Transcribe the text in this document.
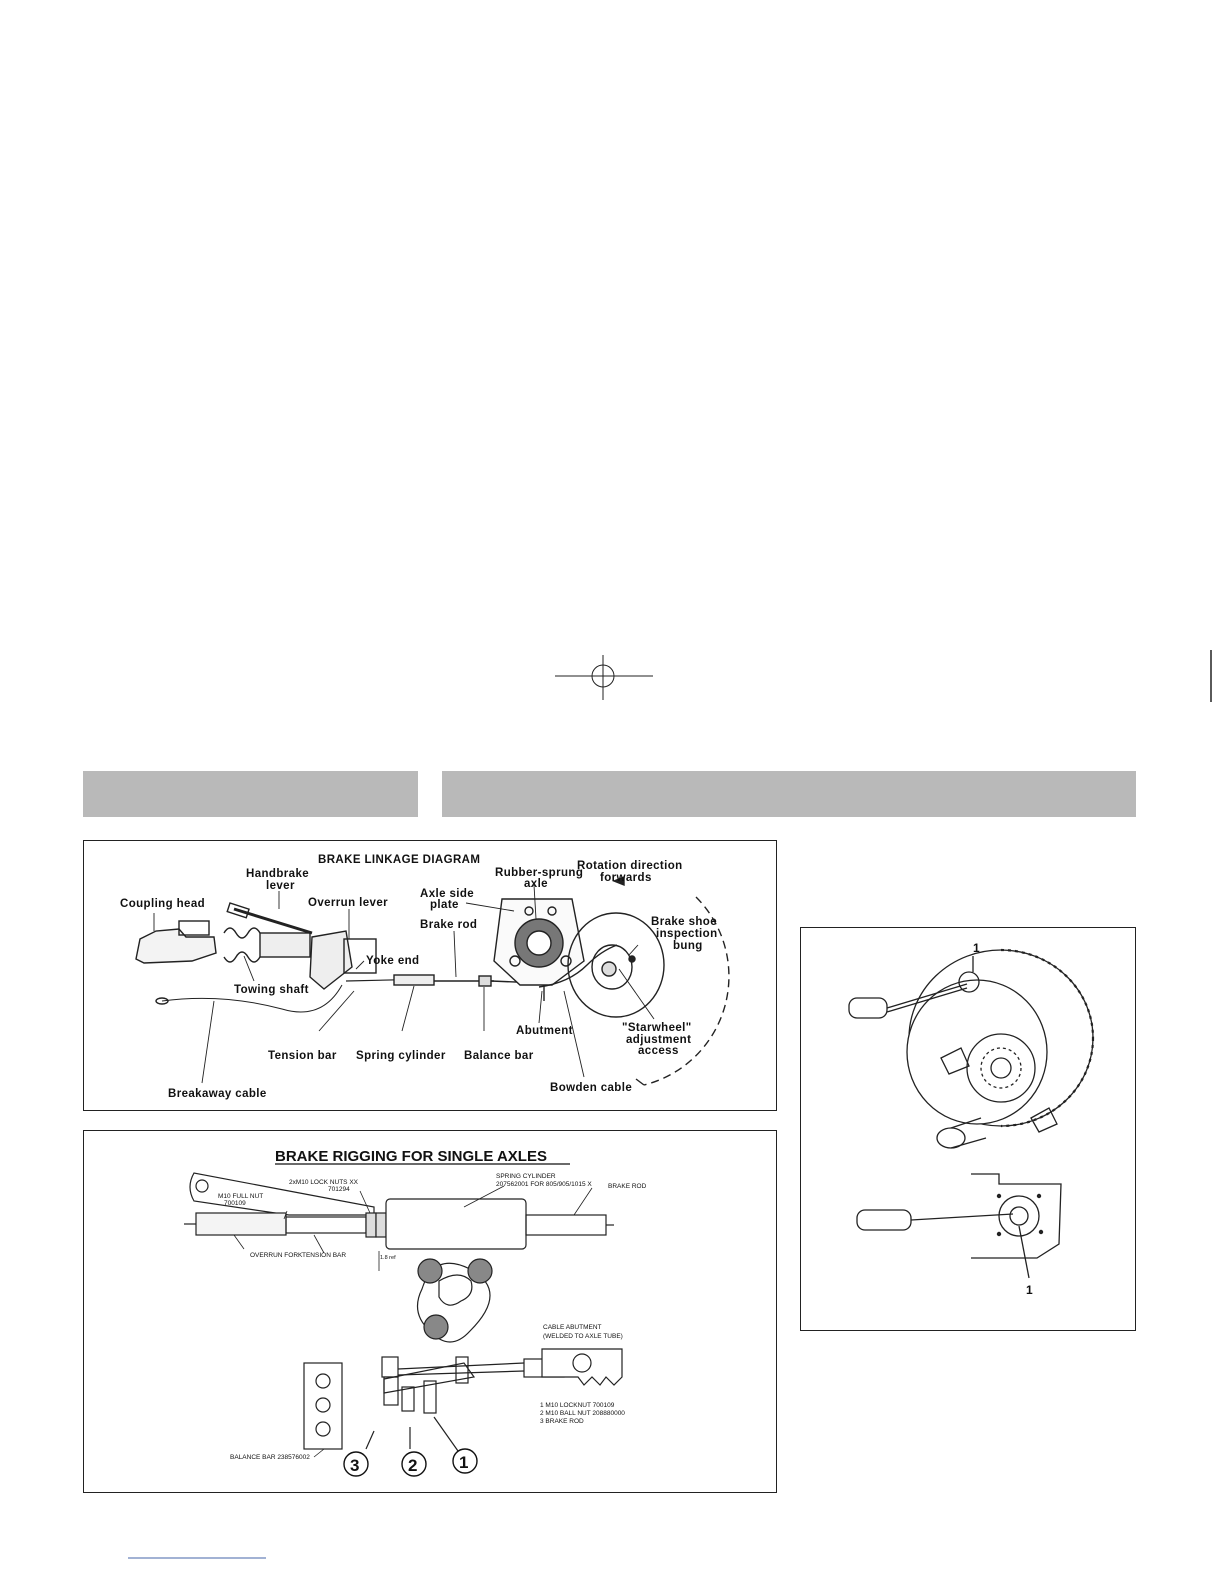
BRAKE LINKAGE DIAGRAM
Handbrake
lever
Coupling head	Overrun lever
Axle side
plate
Rubber-sprung
axle
Rotation direction
forwards
Brake rod	Brake shoe
inspection
bung
Yoke end
Towing shaft
Abutment	"Starwheel"
adjustment
access
Tension bar Spring cylinder Balance bar
Breakaway cable	Bowden cable
BRAKE RIGGING FOR SINGLE AXLES
2xM10 LOCK NUTS XX
701294
M10 FULL NUT
700109
SPRING CYLINDER
207562001 FOR 805/905/1015 X BRAKE ROD
OVERRUN FORK TENSION BAR	1.8 ref
CABLE ABUTMENT
(WELDED TO AXLE TUBE)
1 M10 LOCKNUT 700109
2 M10 BALL NUT 208880000
3 BRAKE ROD
BALANCE BAR 238576002 3	2 1
1
1
